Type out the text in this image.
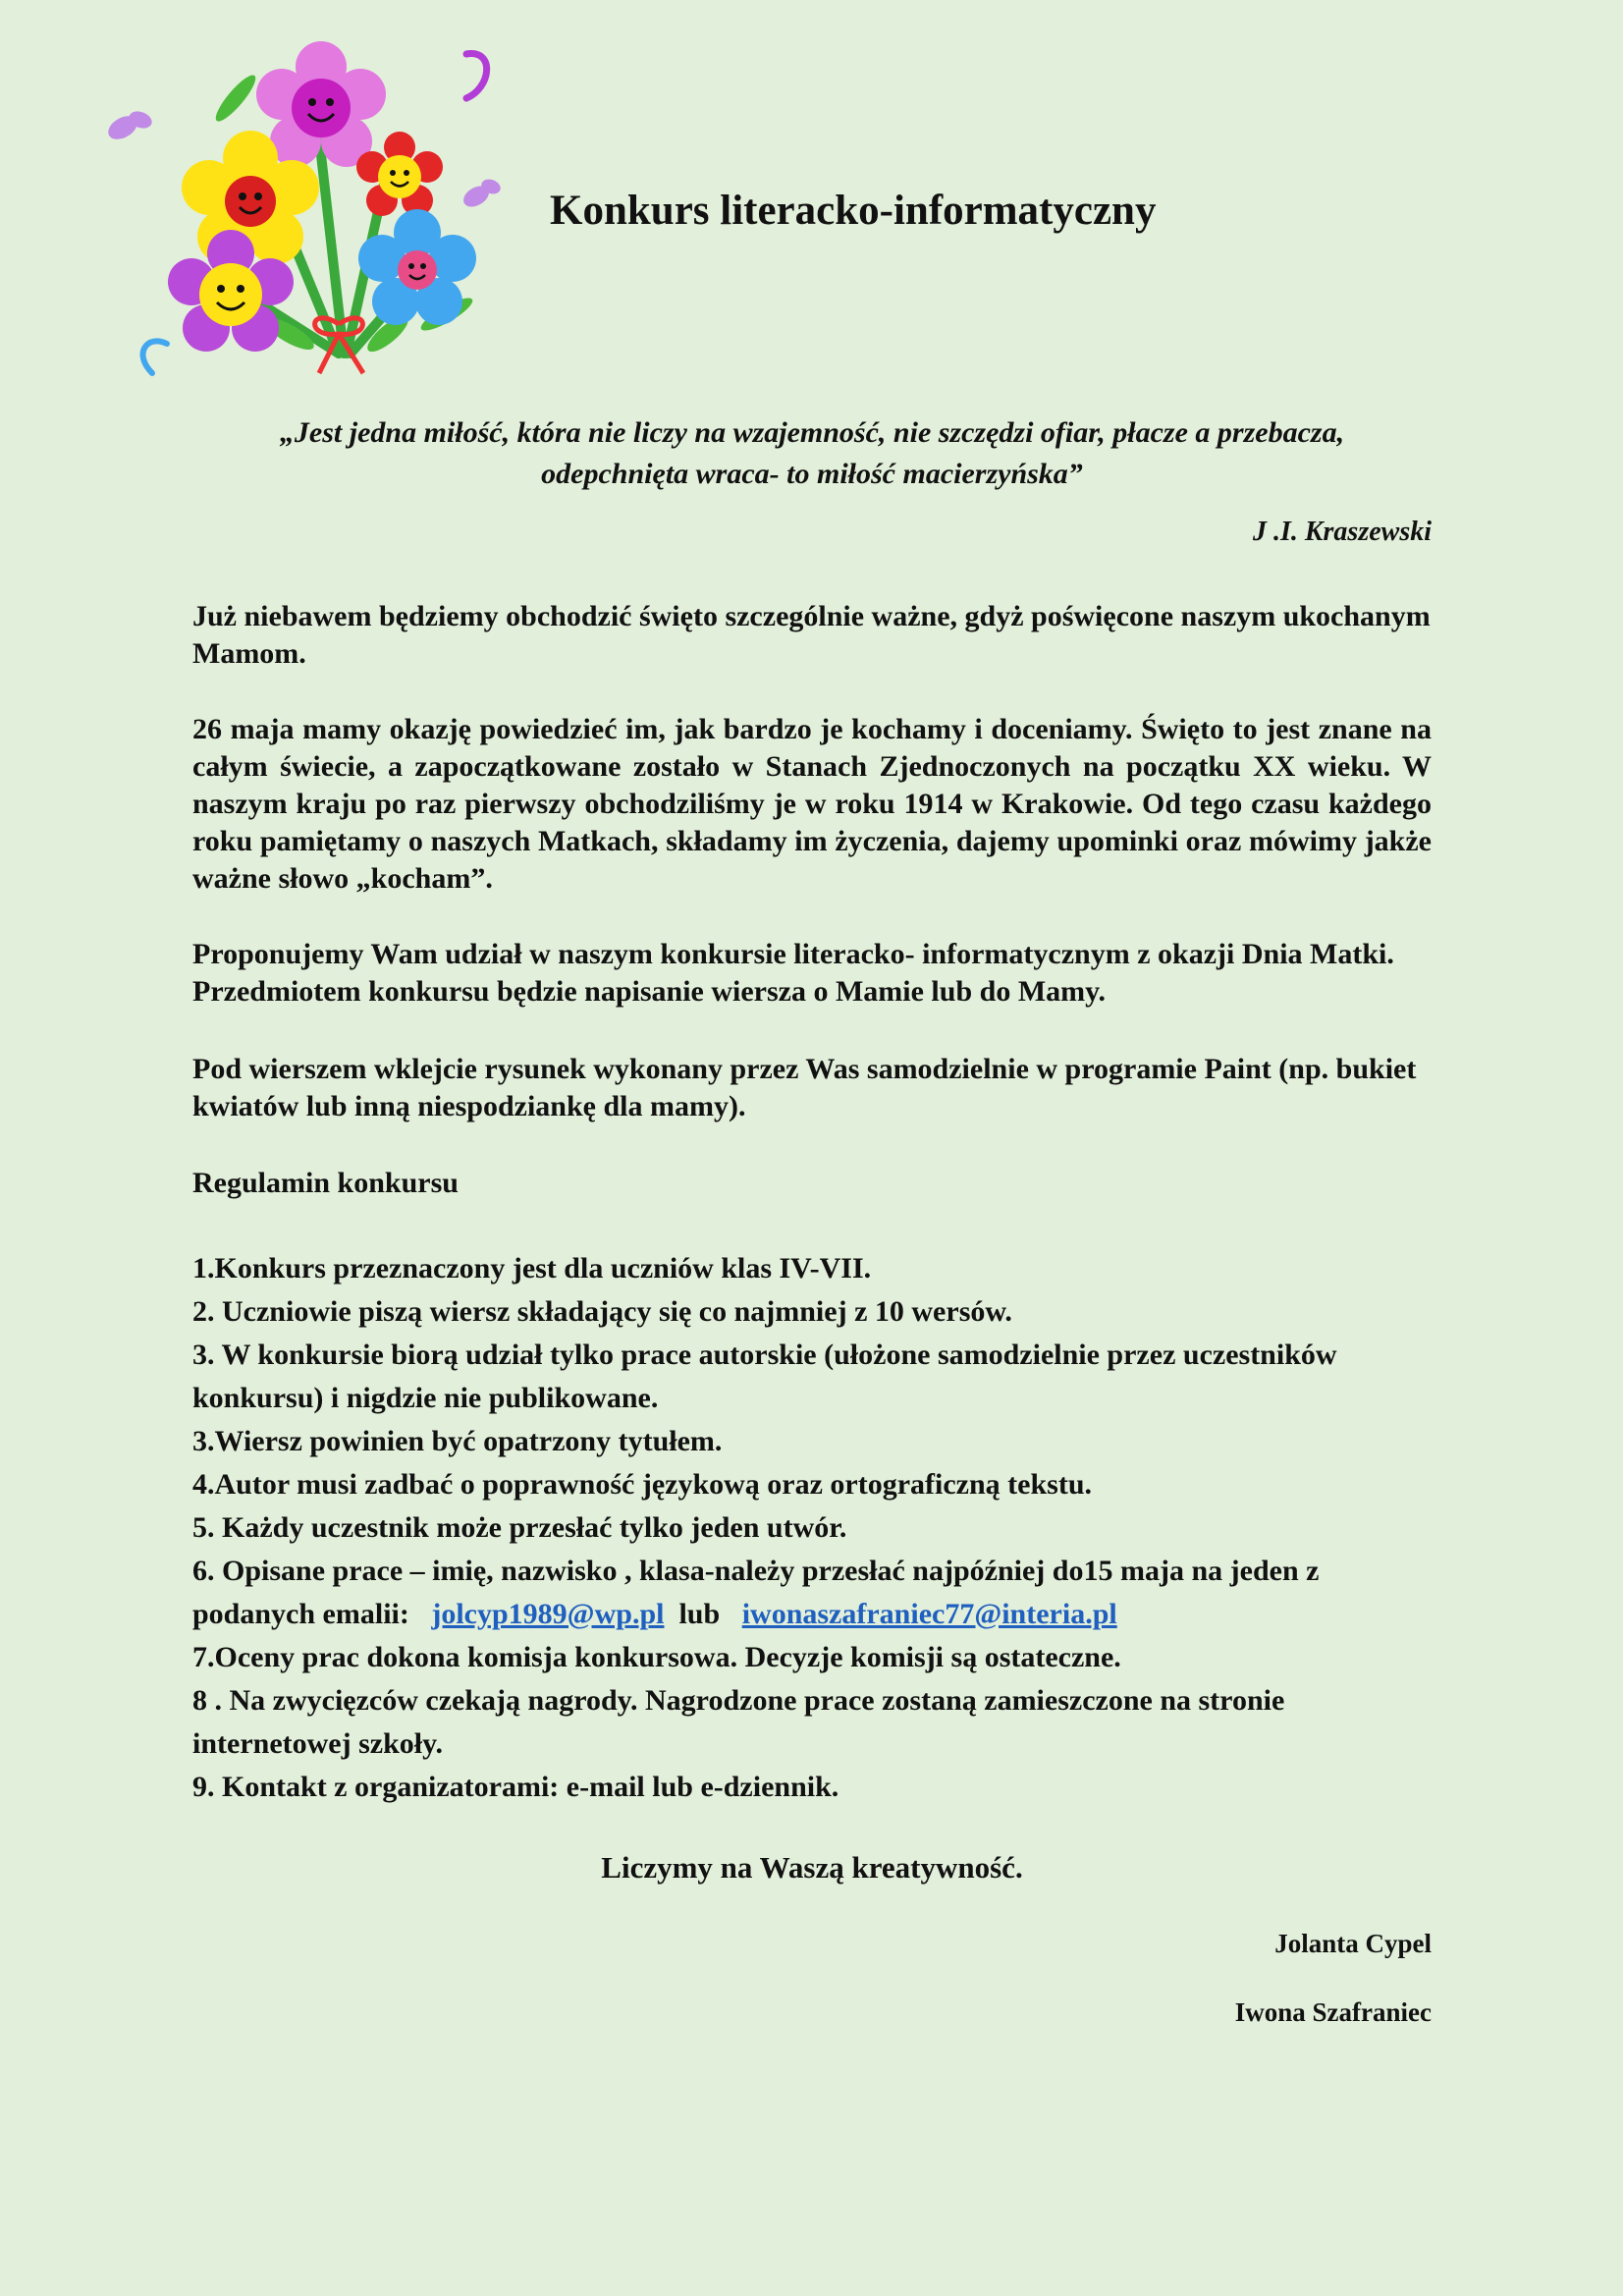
Konkurs literacko-informatyczny
„Jest jedna miłość, która nie liczy na wzajemność, nie szczędzi ofiar, płacze a przebacza,
odepchnięta wraca- to miłość macierzyńska”

J .I. Kraszewski

Już niebawem będziemy obchodzić święto szczególnie ważne, gdyż poświęcone naszym ukochanym Mamom.

26 maja mamy okazję powiedzieć im, jak bardzo je kochamy i doceniamy. Święto to jest znane na całym świecie, a zapoczątkowane zostało w Stanach Zjednoczonych na początku XX wieku. W naszym kraju po raz pierwszy obchodziliśmy je w roku 1914 w Krakowie. Od tego czasu każdego roku pamiętamy o naszych Matkach, składamy im życzenia, dajemy upominki oraz mówimy jakże ważne słowo „kocham”.

Proponujemy Wam udział w naszym konkursie literacko- informatycznym z okazji Dnia Matki. Przedmiotem konkursu będzie napisanie wiersza o Mamie lub do Mamy.

Pod wierszem wklejcie rysunek wykonany przez Was samodzielnie w programie Paint (np. bukiet kwiatów lub inną niespodziankę dla mamy).

Regulamin konkursu

1.Konkurs przeznaczony jest dla uczniów klas IV-VII.
2. Uczniowie piszą wiersz składający się co najmniej z 10 wersów.
3. W konkursie biorą udział tylko prace autorskie (ułożone samodzielnie przez uczestników konkursu) i nigdzie nie publikowane.
3.Wiersz powinien być opatrzony tytułem.
4.Autor musi zadbać o poprawność językową oraz ortograficzną tekstu.
5. Każdy uczestnik może przesłać tylko jeden utwór.
6. Opisane prace – imię, nazwisko , klasa-należy przesłać najpóźniej do15 maja na jeden z podanych emalii: jolcyp1989@wp.pl lub iwonaszafraniec77@interia.pl
7.Oceny prac dokona komisja konkursowa. Decyzje komisji są ostateczne.
8 . Na zwycięzców czekają nagrody. Nagrodzone prace zostaną zamieszczone na stronie internetowej szkoły.
9. Kontakt z organizatorami: e-mail lub e-dziennik.

Liczymy na Waszą kreatywność.

Jolanta Cypel

Iwona Szafraniec
